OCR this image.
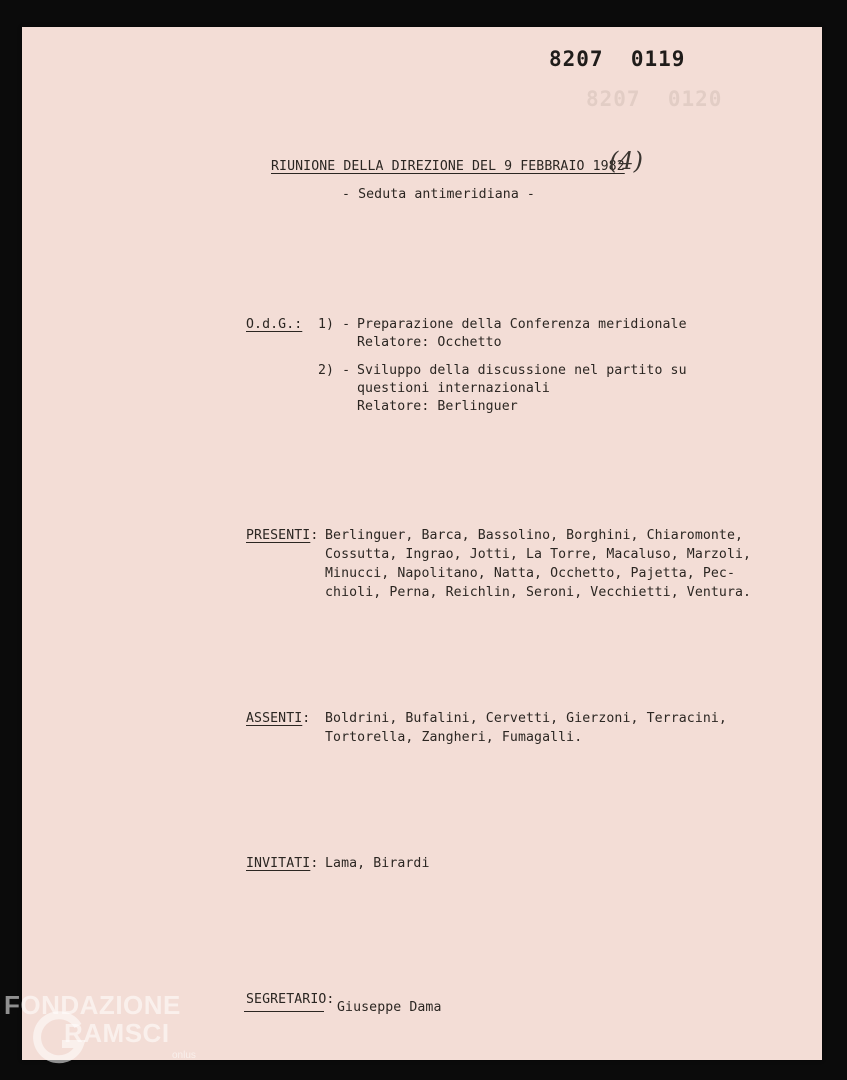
8207 0120
8207 0119
RIUNIONE DELLA DIREZIONE DEL 9 FEBBRAIO 1982
(4)
- Seduta antimeridiana -
O.d.G.: 1) - Preparazione della Conferenza meridionale
Relatore: Occhetto
2) - Sviluppo della discussione nel partito su
questioni internazionali
Relatore: Berlinguer
PRESENTI: Berlinguer, Barca, Bassolino, Borghini, Chiaromonte,
Cossutta, Ingrao, Jotti, La Torre, Macaluso, Marzoli,
Minucci, Napolitano, Natta, Occhetto, Pajetta, Pec-
chioli, Perna, Reichlin, Seroni, Vecchietti, Ventura.
ASSENTI: Boldrini, Bufalini, Cervetti, Gierzoni, Terracini,
Tortorella, Zangheri, Fumagalli.
INVITATI: Lama, Birardi
SEGRETARIO:
Giuseppe Dama
FONDAZIONE
RAMSCI
onlus
